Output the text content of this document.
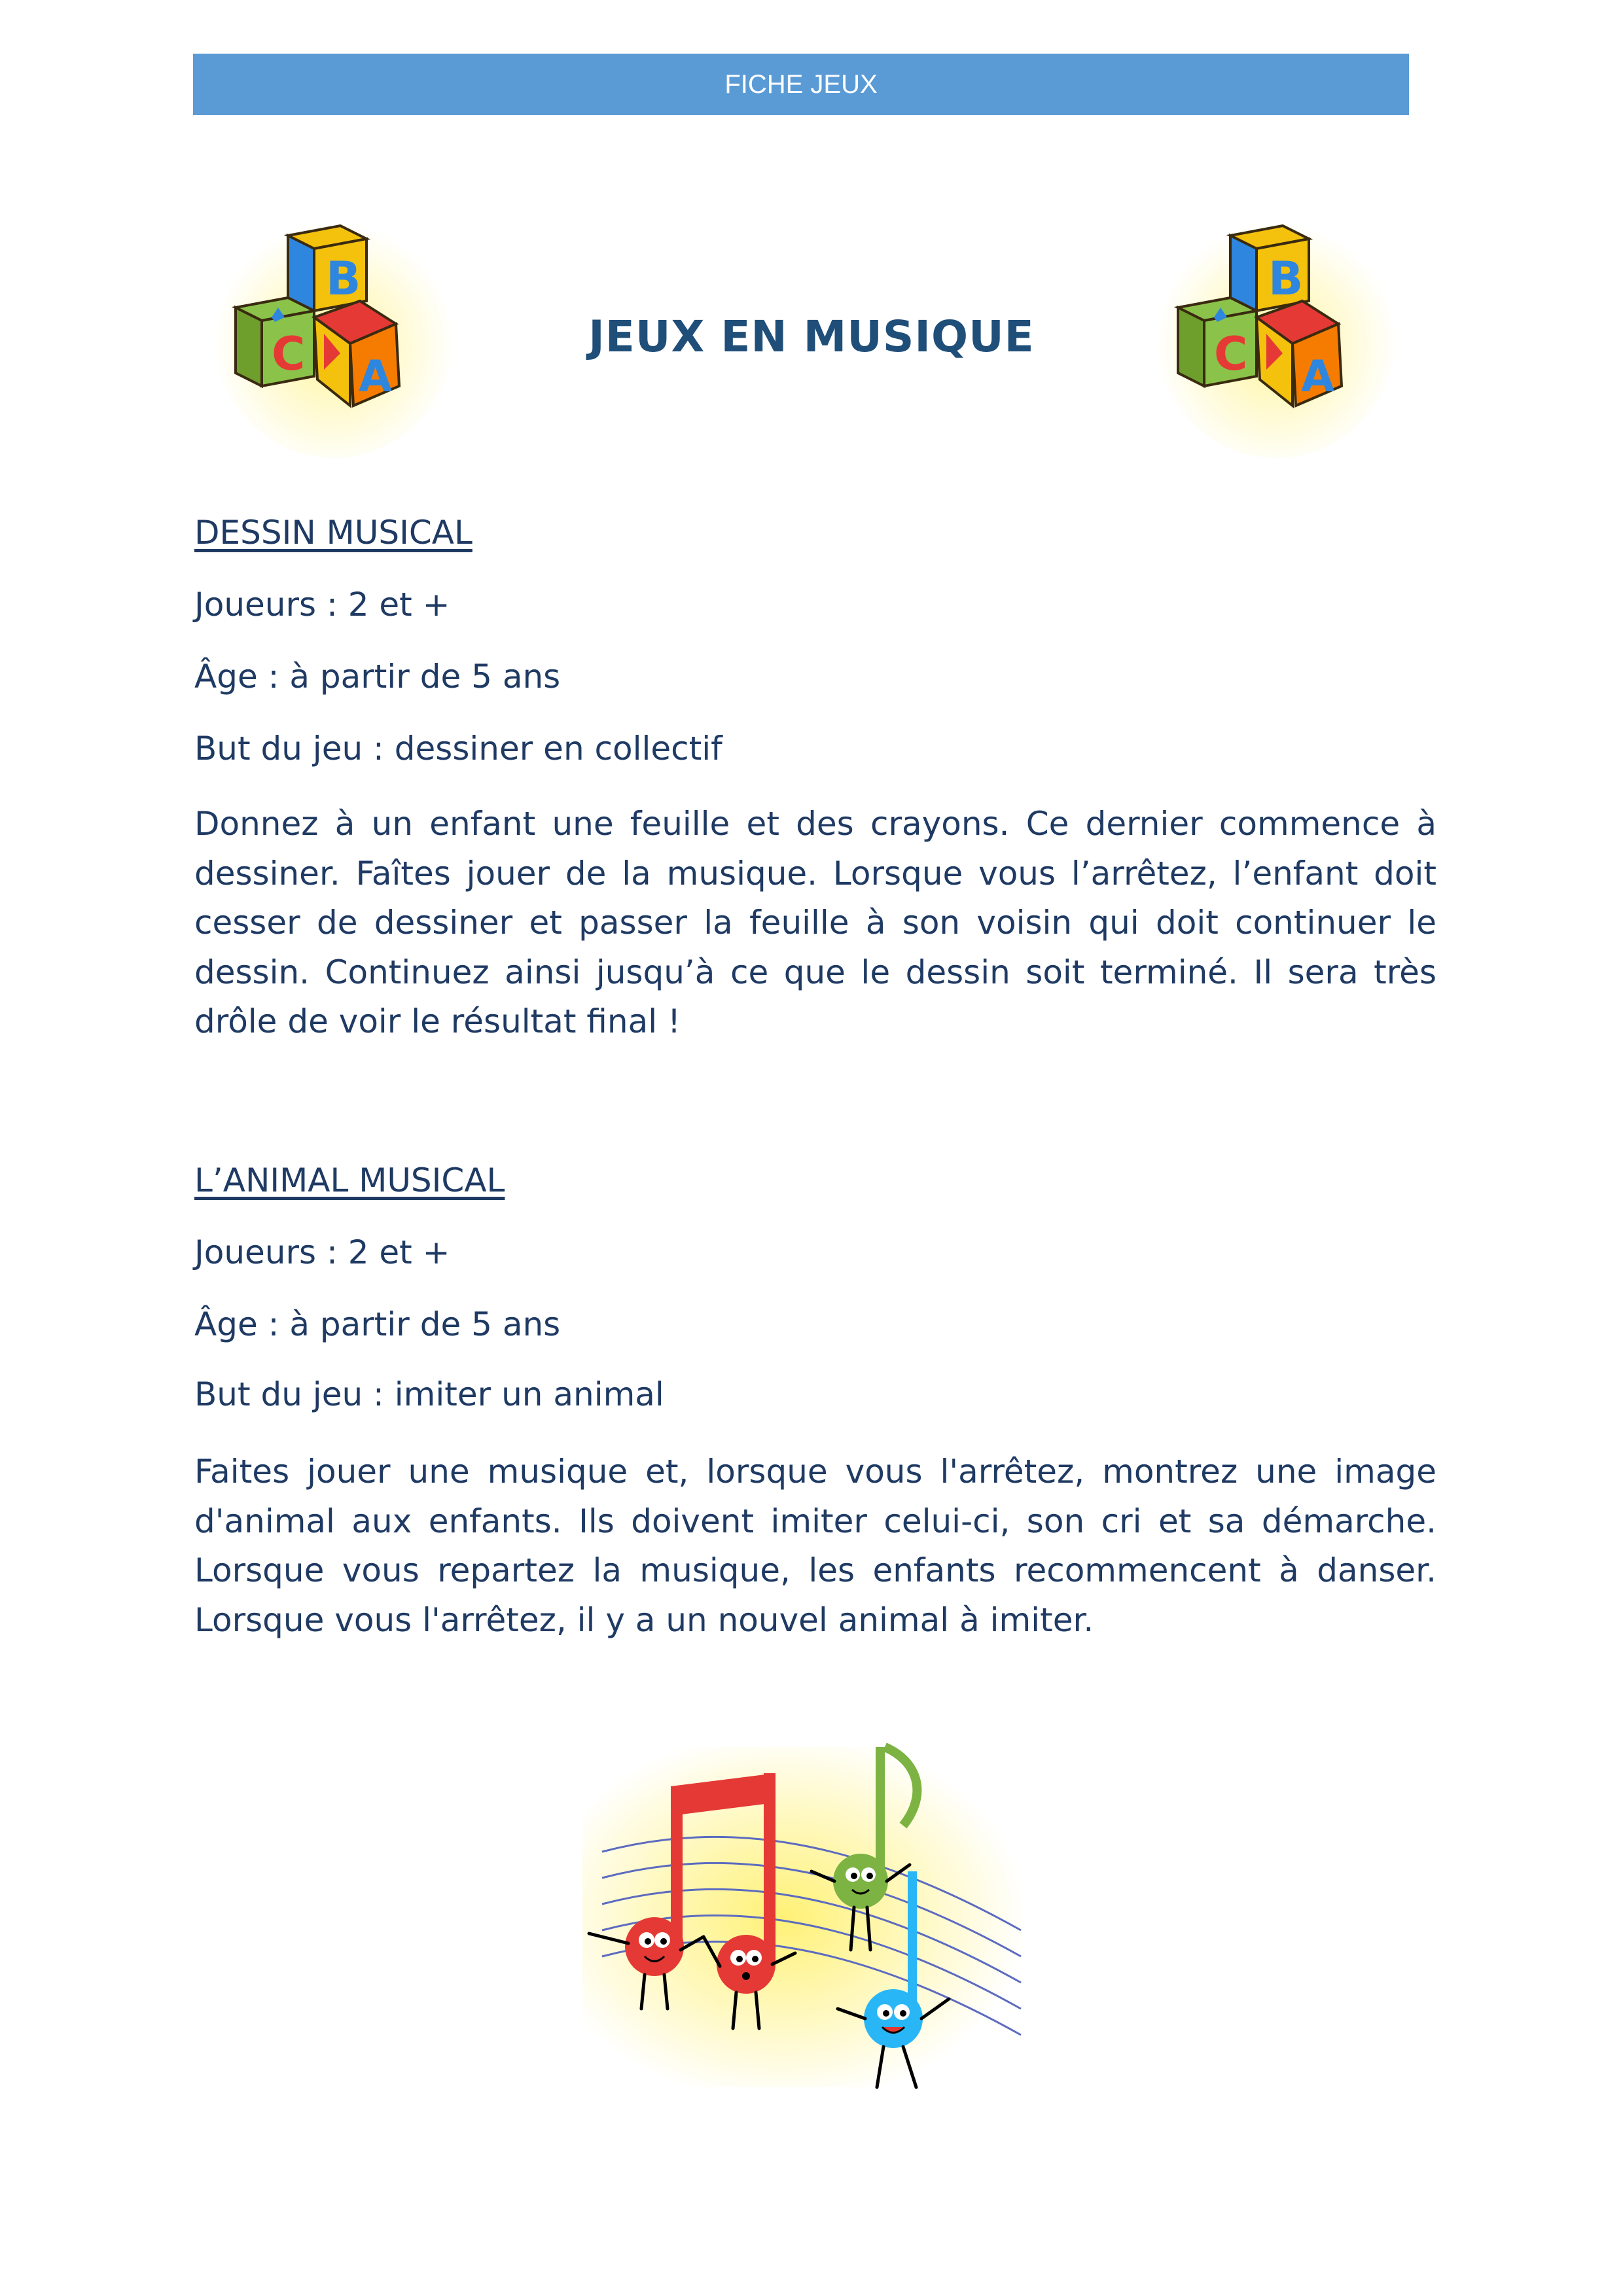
FICHE JEUX
B
C A
JEUX EN MUSIQUE
B
C A
DESSIN MUSICAL
Joueurs : 2 et +
Âge : à partir de 5 ans
But du jeu : dessiner en collectif
Donnez à un enfant une feuille et des crayons. Ce dernier commence à dessiner. Faîtes jouer de la musique. Lorsque vous l’arrêtez, l’enfant doit cesser de dessiner et passer la feuille à son voisin qui doit continuer le dessin. Continuez ainsi jusqu’à ce que le dessin soit terminé. Il sera très drôle de voir le résultat final !
L’ANIMAL MUSICAL
Joueurs : 2 et +
Âge : à partir de 5 ans
But du jeu : imiter un animal
Faites jouer une musique et, lorsque vous l'arrêtez, montrez une image d'animal aux enfants. Ils doivent imiter celui-ci, son cri et sa démarche. Lorsque vous repartez la musique, les enfants recommencent à danser. Lorsque vous l'arrêtez, il y a un nouvel animal à imiter.
